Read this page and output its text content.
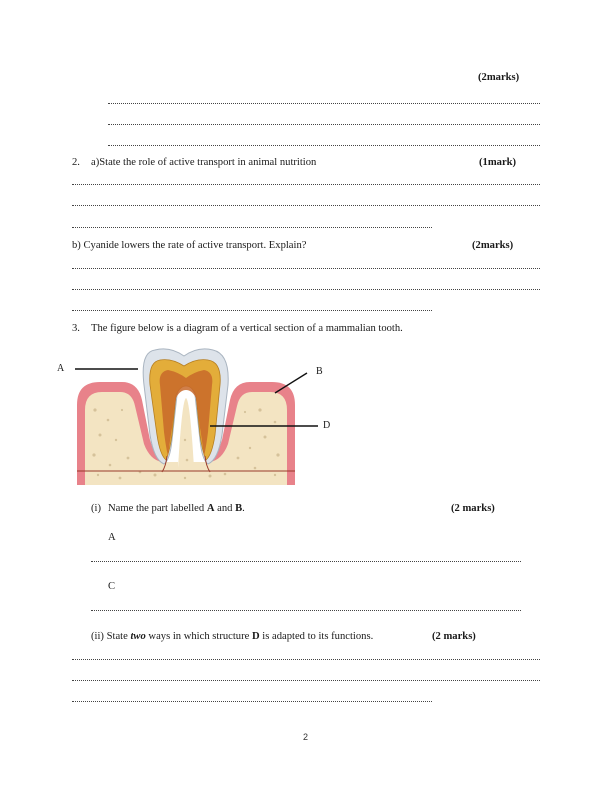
(2marks)
2. a)State the role of active transport in animal nutrition	(1mark)
b) Cyanide lowers the rate of active transport. Explain?	(2marks)
3. The figure below is a diagram of a vertical section of a mammalian tooth.
A	B
D
(i) Name the part labelled A and B.	(2 marks)
A
C
(ii) State two ways in which structure D is adapted to its functions.	(2 marks)
2
